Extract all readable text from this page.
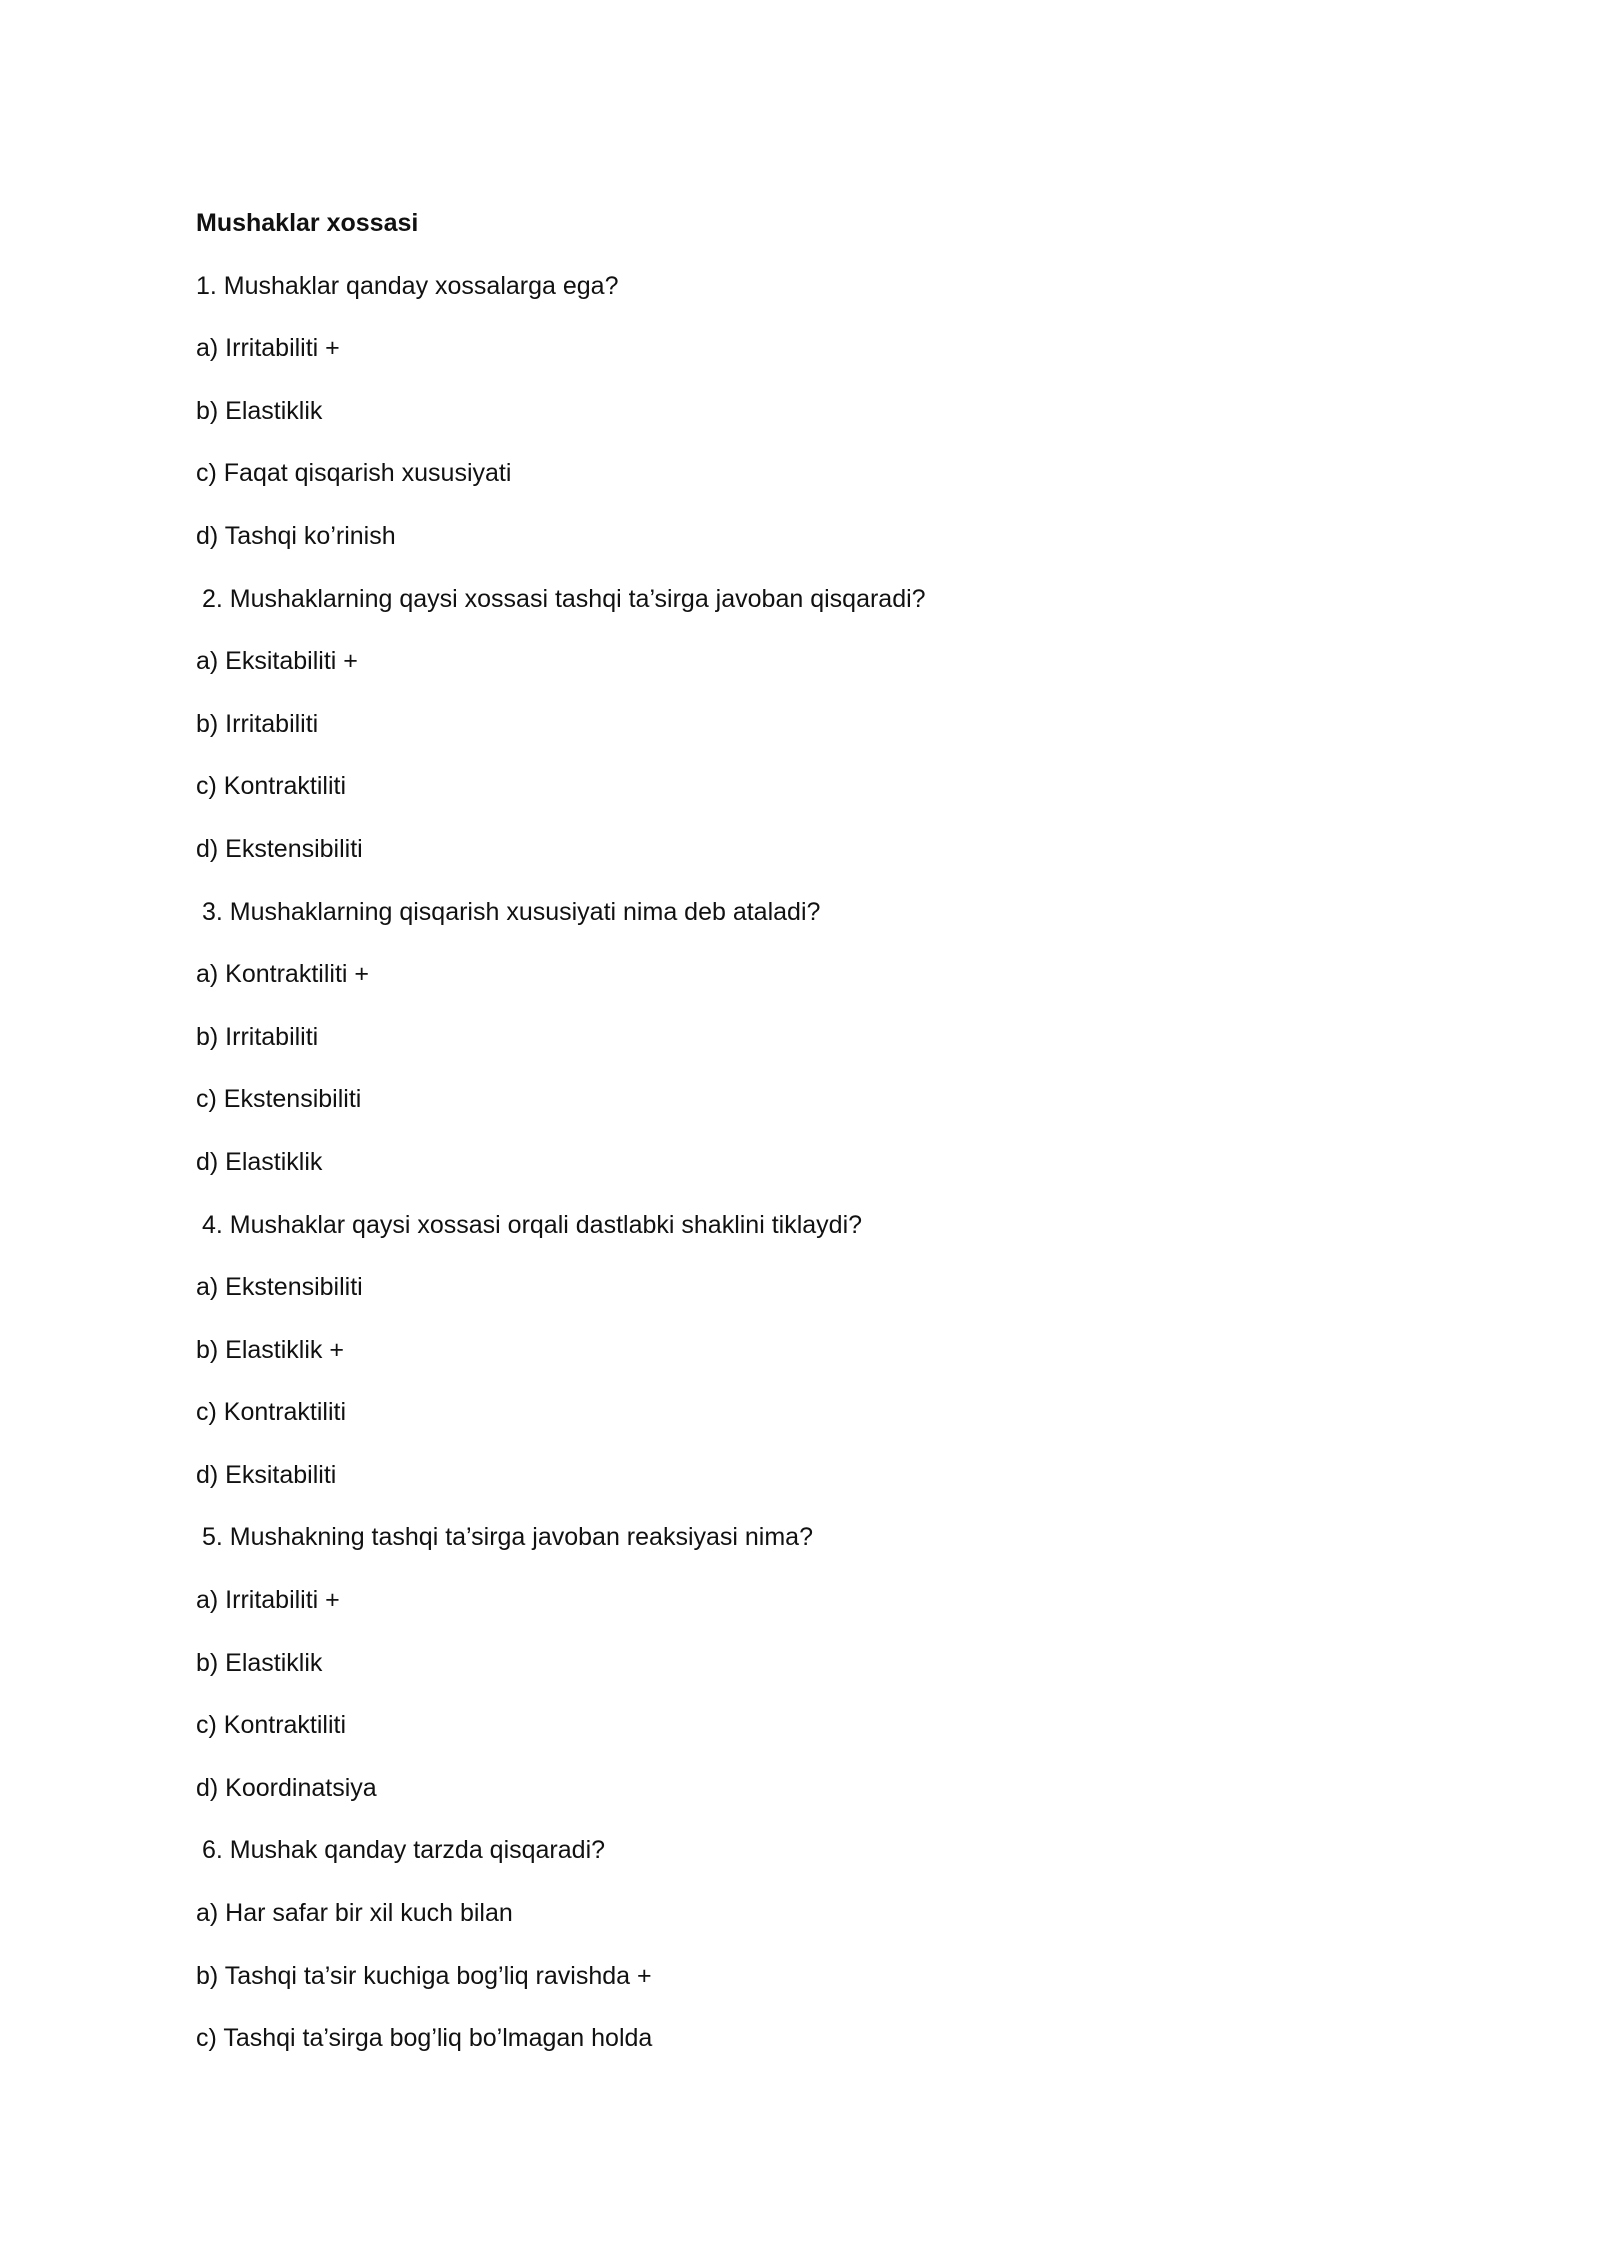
Mushaklar xossasi
1. Mushaklar qanday xossalarga ega?
a) Irritabiliti +
b) Elastiklik
c) Faqat qisqarish xususiyati
d) Tashqi ko’rinish
2. Mushaklarning qaysi xossasi tashqi ta’sirga javoban qisqaradi?
a) Eksitabiliti +
b) Irritabiliti
c) Kontraktiliti
d) Ekstensibiliti
3. Mushaklarning qisqarish xususiyati nima deb ataladi?
a) Kontraktiliti +
b) Irritabiliti
c) Ekstensibiliti
d) Elastiklik
4. Mushaklar qaysi xossasi orqali dastlabki shaklini tiklaydi?
a) Ekstensibiliti
b) Elastiklik +
c) Kontraktiliti
d) Eksitabiliti
5. Mushakning tashqi ta’sirga javoban reaksiyasi nima?
a) Irritabiliti +
b) Elastiklik
c) Kontraktiliti
d) Koordinatsiya
6. Mushak qanday tarzda qisqaradi?
a) Har safar bir xil kuch bilan
b) Tashqi ta’sir kuchiga bog’liq ravishda +
c) Tashqi ta’sirga bog’liq bo’lmagan holda
